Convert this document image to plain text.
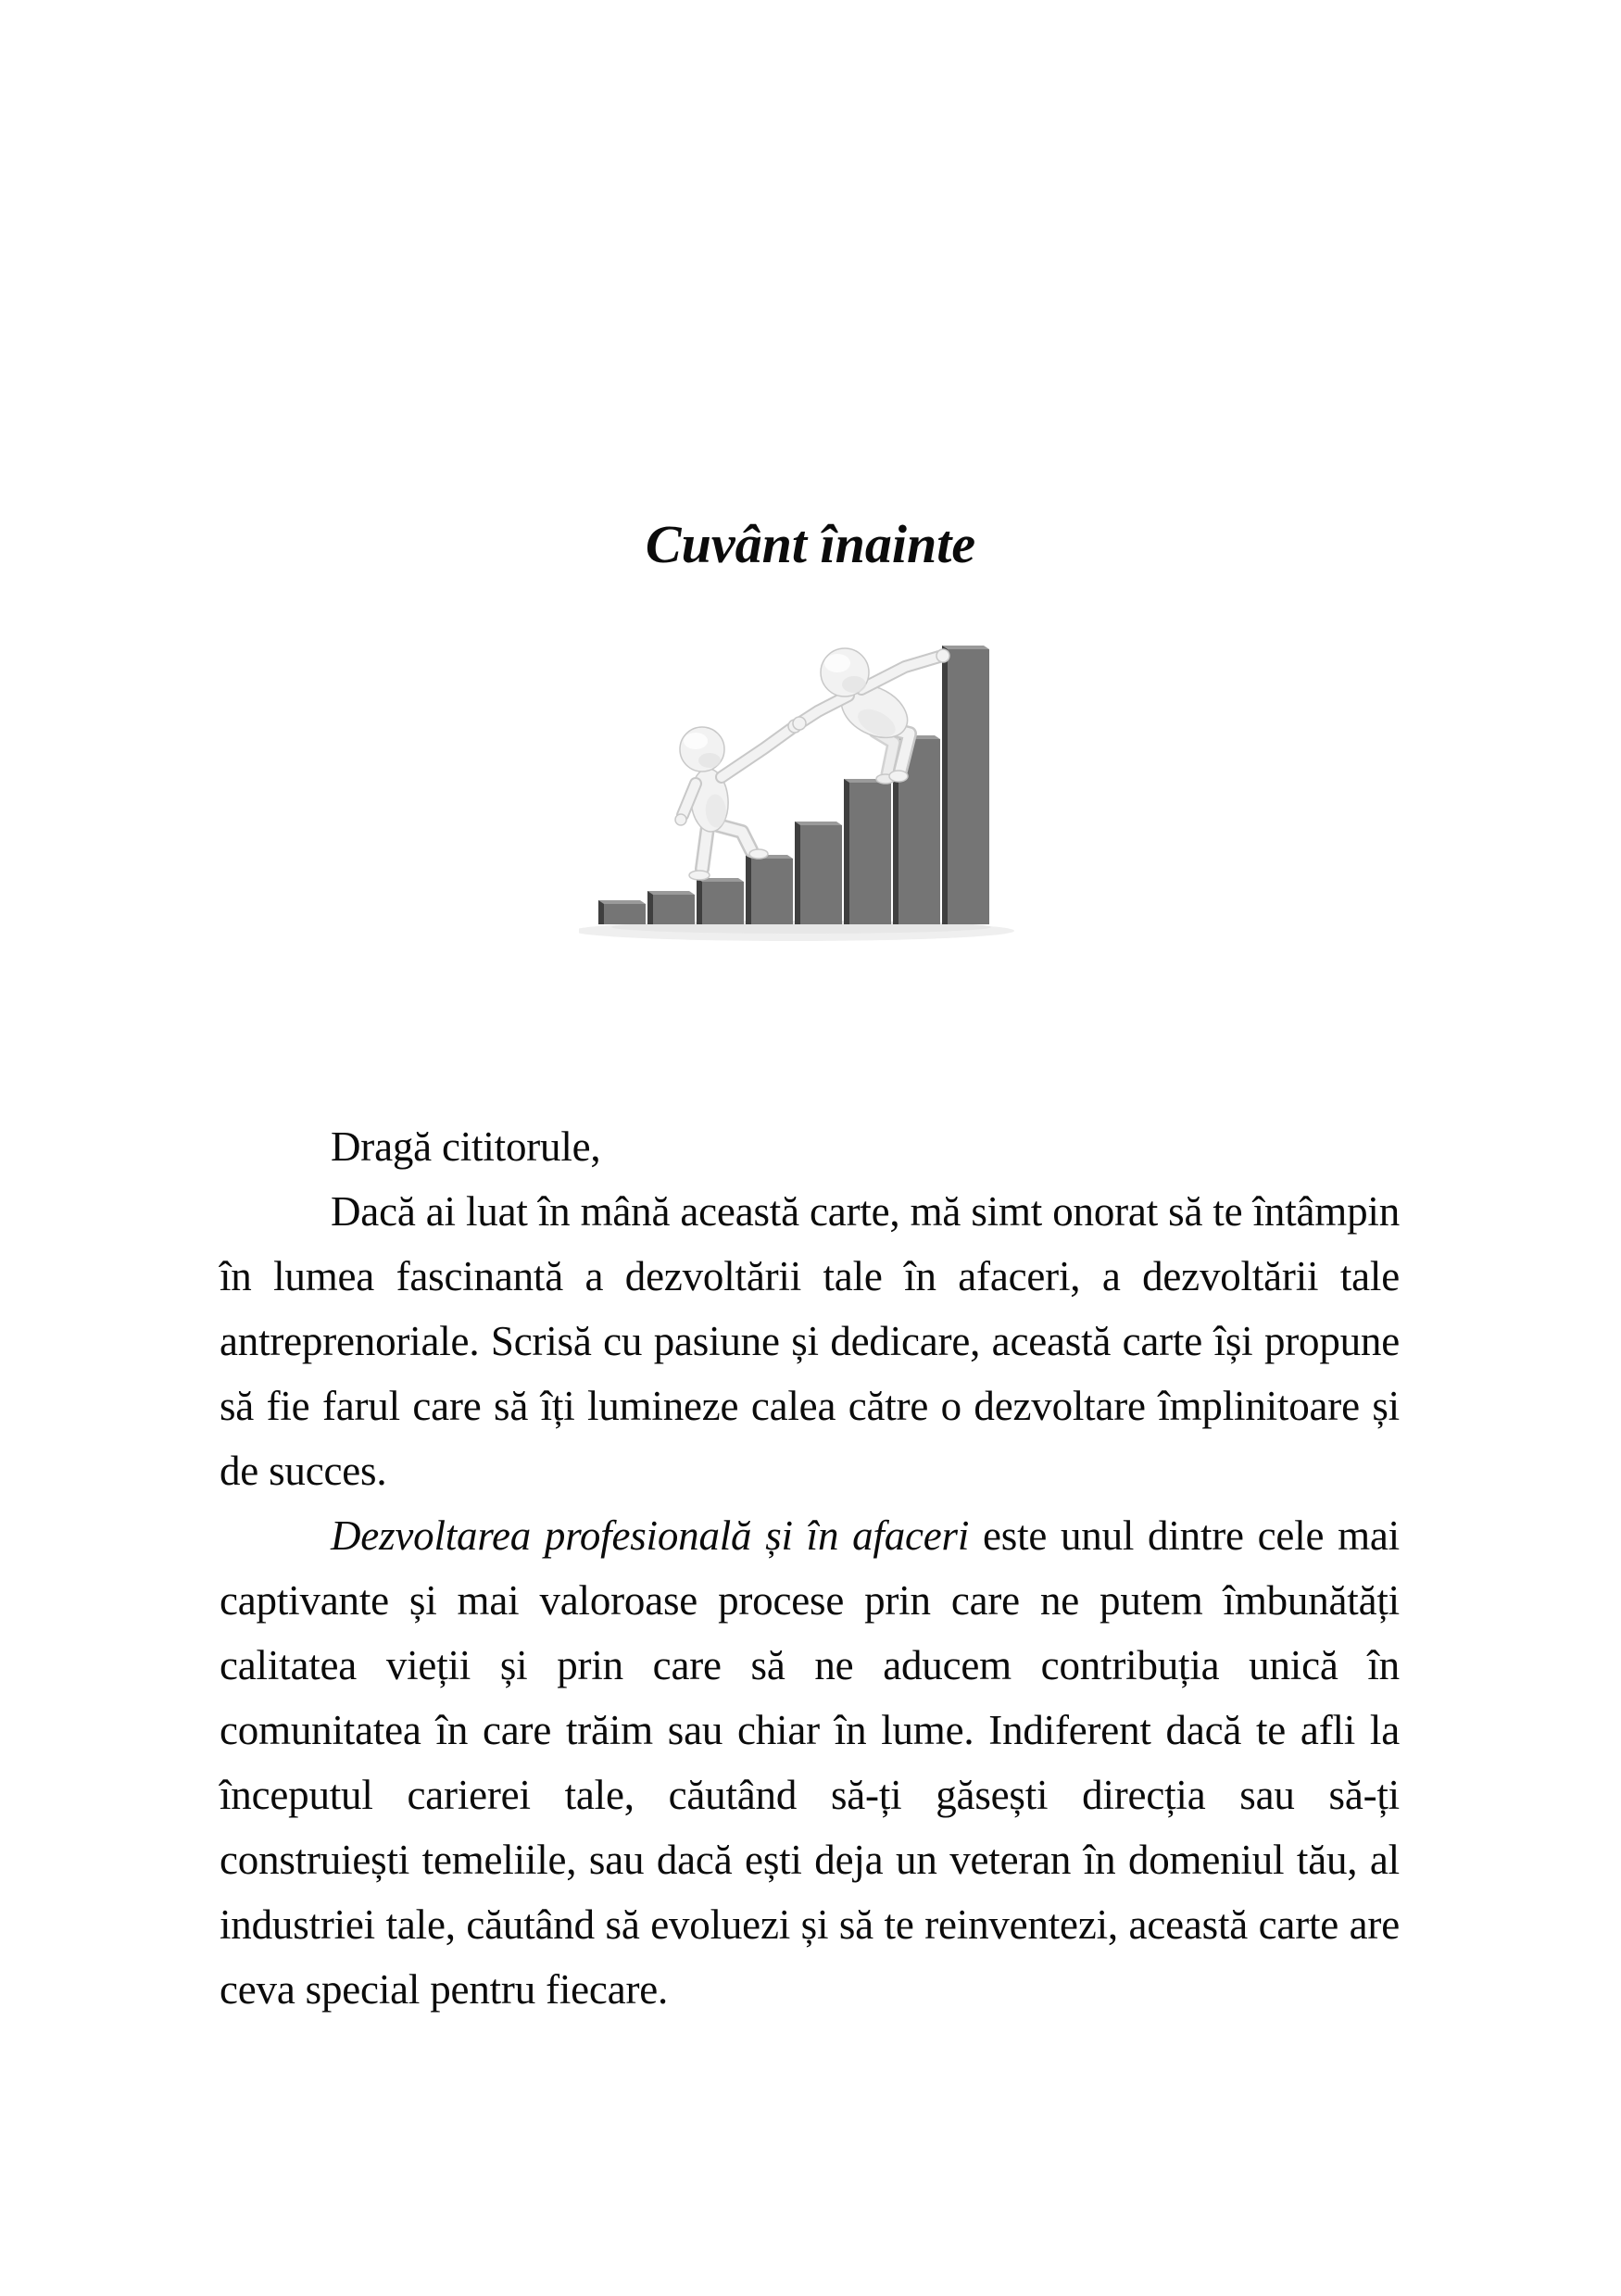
Cuvânt înainte

Dragă cititorule,

Dacă ai luat în mână această carte, mă simt onorat să te întâmpin în lumea fascinantă a dezvoltării tale în afaceri, a dezvoltării tale antreprenoriale. Scrisă cu pasiune și dedicare, această carte își propune să fie farul care să îți lumineze calea către o dezvoltare împlinitoare și de succes.

Dezvoltarea profesională și în afaceri este unul dintre cele mai captivante și mai valoroase procese prin care ne putem îmbunătăți calitatea vieții și prin care să ne aducem contribuția unică în comunitatea în care trăim sau chiar în lume. Indiferent dacă te afli la începutul carierei tale, căutând să-ți găsești direcția sau să-ți construiești temeliile, sau dacă ești deja un veteran în domeniul tău, al industriei tale, căutând să evoluezi și să te reinventezi, această carte are ceva special pentru fiecare.
